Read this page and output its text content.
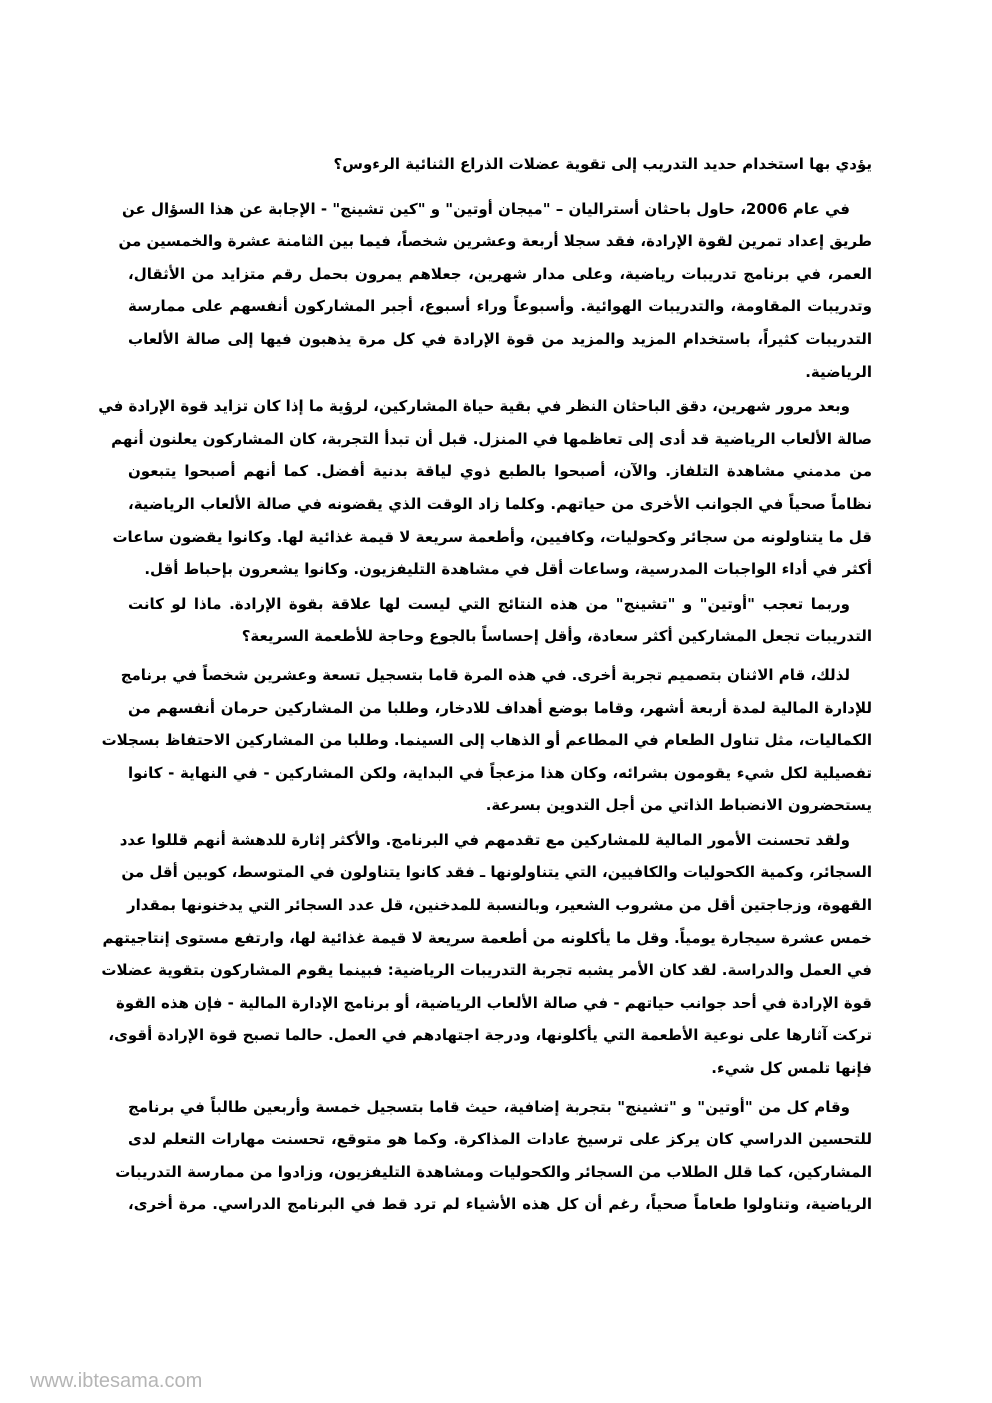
يؤدي بها استخدام حديد التدريب إلى تقوية عضلات الذراع الثنائية الرءوس؟
في عام 2006، حاول باحثان أستراليان – "ميجان أوتين" و "كين تشينج" - الإجابة عن هذا السؤال عن
طريق إعداد تمرين لقوة الإرادة، فقد سجلا أربعة وعشرين شخصاً، فيما بين الثامنة عشرة والخمسين من
العمر، في برنامج تدريبات رياضية، وعلى مدار شهرين، جعلاهم يمرون بحمل رقم متزايد من الأثقال،
وتدريبات المقاومة، والتدريبات الهوائية. وأسبوعاً وراء أسبوع، أجبر المشاركون أنفسهم على ممارسة
التدريبات كثيراً، باستخدام المزيد والمزيد من قوة الإرادة في كل مرة يذهبون فيها إلى صالة الألعاب
الرياضية.
وبعد مرور شهرين، دقق الباحثان النظر في بقية حياة المشاركين، لرؤية ما إذا كان تزايد قوة الإرادة في
صالة الألعاب الرياضية قد أدى إلى تعاظمها في المنزل. قبل أن تبدأ التجربة، كان المشاركون يعلنون أنهم
من مدمني مشاهدة التلفاز. والآن، أصبحوا بالطبع ذوي لياقة بدنية أفضل. كما أنهم أصبحوا يتبعون
نظاماً صحياً في الجوانب الأخرى من حياتهم. وكلما زاد الوقت الذي يقضونه في صالة الألعاب الرياضية،
قل ما يتناولونه من سجائر وكحوليات، وكافيين، وأطعمة سريعة لا قيمة غذائية لها. وكانوا يقضون ساعات
أكثر في أداء الواجبات المدرسية، وساعات أقل في مشاهدة التليفزيون. وكانوا يشعرون بإحباط أقل.
وربما تعجب "أوتين" و "تشينج" من هذه النتائج التي ليست لها علاقة بقوة الإرادة. ماذا لو كانت
التدريبات تجعل المشاركين أكثر سعادة، وأقل إحساساً بالجوع وحاجة للأطعمة السريعة؟
لذلك، قام الاثنان بتصميم تجربة أخرى. في هذه المرة قاما بتسجيل تسعة وعشرين شخصاً في برنامج
للإدارة المالية لمدة أربعة أشهر، وقاما بوضع أهداف للادخار، وطلبا من المشاركين حرمان أنفسهم من
الكماليات، مثل تناول الطعام في المطاعم أو الذهاب إلى السينما. وطلبا من المشاركين الاحتفاظ بسجلات
تفصيلية لكل شيء يقومون بشرائه، وكان هذا مزعجاً في البداية، ولكن المشاركين - في النهاية - كانوا
يستحضرون الانضباط الذاتي من أجل التدوين بسرعة.
ولقد تحسنت الأمور المالية للمشاركين مع تقدمهم في البرنامج. والأكثر إثارة للدهشة أنهم قللوا عدد
السجائر، وكمية الكحوليات والكافيين، التي يتناولونها ـ فقد كانوا يتناولون في المتوسط، كوبين أقل من
القهوة، وزجاجتين أقل من مشروب الشعير، وبالنسبة للمدخنين، قل عدد السجائر التي يدخنونها بمقدار
خمس عشرة سيجارة يومياً. وقل ما يأكلونه من أطعمة سريعة لا قيمة غذائية لها، وارتفع مستوى إنتاجيتهم
في العمل والدراسة. لقد كان الأمر يشبه تجربة التدريبات الرياضية: فبينما يقوم المشاركون بتقوية عضلات
قوة الإرادة في أحد جوانب حياتهم - في صالة الألعاب الرياضية، أو برنامج الإدارة المالية - فإن هذه القوة
تركت آثارها على نوعية الأطعمة التي يأكلونها، ودرجة اجتهادهم في العمل. حالما تصبح قوة الإرادة أقوى،
فإنها تلمس كل شيء.
وقام كل من "أوتين" و "تشينج" بتجربة إضافية، حيث قاما بتسجيل خمسة وأربعين طالباً في برنامج
للتحسين الدراسي كان يركز على ترسيخ عادات المذاكرة. وكما هو متوقع، تحسنت مهارات التعلم لدى
المشاركين، كما قلل الطلاب من السجائر والكحوليات ومشاهدة التليفزيون، وزادوا من ممارسة التدريبات
الرياضية، وتناولوا طعاماً صحياً، رغم أن كل هذه الأشياء لم ترد قط في البرنامج الدراسي. مرة أخرى،
www.ibtesama.com
